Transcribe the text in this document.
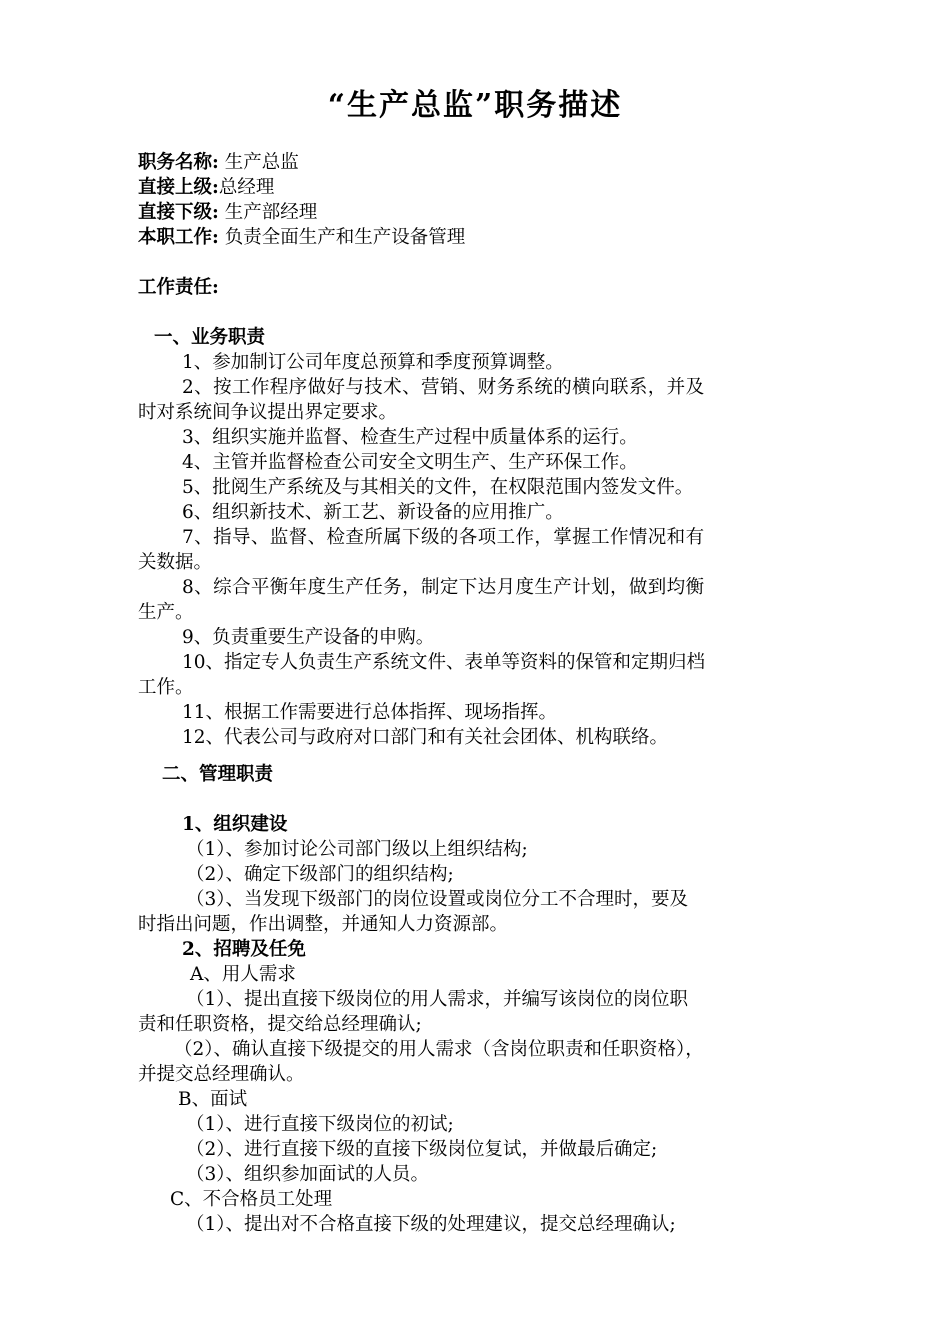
“生产总监”职务描述
职务名称: 生产总监
直接上级:总经理
直接下级: 生产部经理
本职工作: 负责全面生产和生产设备管理
工作责任:
一、业务职责
1、参加制订公司年度总预算和季度预算调整。
2、按工作程序做好与技术、营销、财务系统的横向联系，并及
时对系统间争议提出界定要求。
3、组织实施并监督、检查生产过程中质量体系的运行。
4、主管并监督检查公司安全文明生产、生产环保工作。
5、批阅生产系统及与其相关的文件，在权限范围内签发文件。
6、组织新技术、新工艺、新设备的应用推广。
7、指导、监督、检查所属下级的各项工作，掌握工作情况和有
关数据。
8、综合平衡年度生产任务，制定下达月度生产计划，做到均衡
生产。
9、负责重要生产设备的申购。
10、指定专人负责生产系统文件、表单等资料的保管和定期归档
工作。
11、根据工作需要进行总体指挥、现场指挥。
12、代表公司与政府对口部门和有关社会团体、机构联络。
二、管理职责
1、组织建设
（1）、参加讨论公司部门级以上组织结构;
（2）、确定下级部门的组织结构;
（3）、当发现下级部门的岗位设置或岗位分工不合理时，要及
时指出问题，作出调整，并通知人力资源部。
2、招聘及任免
A、用人需求
（1）、提出直接下级岗位的用人需求，并编写该岗位的岗位职
责和任职资格，提交给总经理确认;
（2）、确认直接下级提交的用人需求（含岗位职责和任职资格），
并提交总经理确认。
B、面试
（1）、进行直接下级岗位的初试;
（2）、进行直接下级的直接下级岗位复试，并做最后确定;
（3）、组织参加面试的人员。
C、不合格员工处理
（1）、提出对不合格直接下级的处理建议，提交总经理确认;
